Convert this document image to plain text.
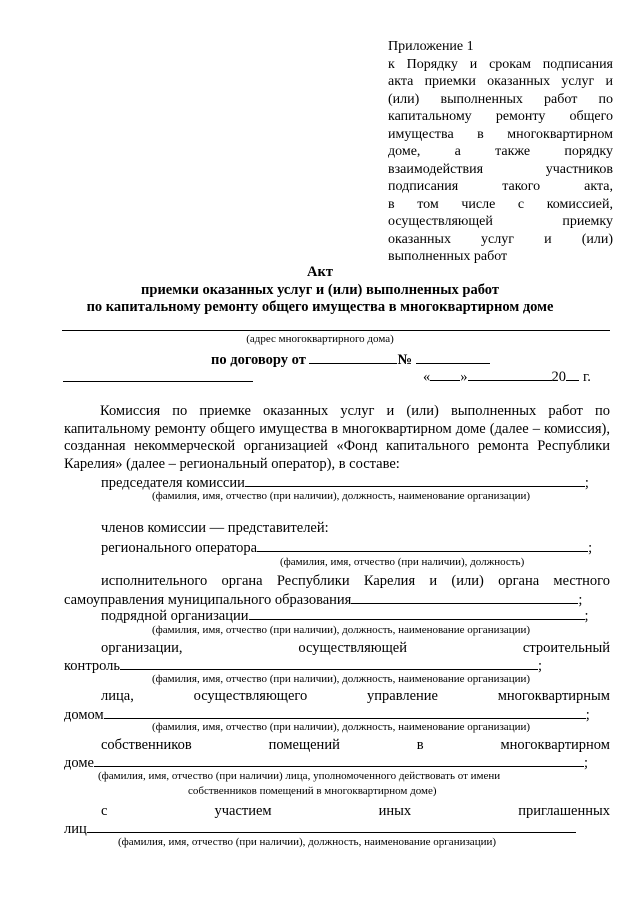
Приложение 1
к Порядку и срокам подписания
акта приемки оказанных услуг и
(или) выполненных работ по
капитальному ремонту общего
имущества в многоквартирном
доме, а также порядку
взаимодействия участников
подписания такого акта,
в том числе с комиссией,
осуществляющей приемку
оказанных услуг и (или)
выполненных работ
Акт
приемки оказанных услуг и (или) выполненных работ
по капитальному ремонту общего имущества в многоквартирном доме
(адрес многоквартирного дома)
по договору от	№
« »	20 г.
Комиссия по приемке оказанных услуг и (или) выполненных работ по капитальному ремонту общего имущества в многоквартирном доме (далее – комиссия), созданная некоммерческой организацией «Фонд капитального ремонта Республики Карелия» (далее – региональный оператор), в составе:
председателя комиссии	;
(фамилия, имя, отчество (при наличии), должность, наименование организации)
членов комиссии — представителей:
регионального оператора	;
(фамилия, имя, отчество (при наличии), должность)
исполнительного органа Республики Карелия и (или) органа местного
самоуправления муниципального образования	;
подрядной организации	;
(фамилия, имя, отчество (при наличии), должность, наименование организации)
организации,	осуществляющей	строительный
контроль	;
(фамилия, имя, отчество (при наличии), должность, наименование организации)
лица,	осуществляющего	управление	многоквартирным
домом	;
(фамилия, имя, отчество (при наличии), должность, наименование организации)
собственников	помещений	в	многоквартирном
доме	;
(фамилия, имя, отчество (при наличии) лица, уполномоченного действовать от имени
собственников помещений в многоквартирном доме)
с	участием	иных	приглашенных
лиц
(фамилия, имя, отчество (при наличии), должность, наименование организации)
